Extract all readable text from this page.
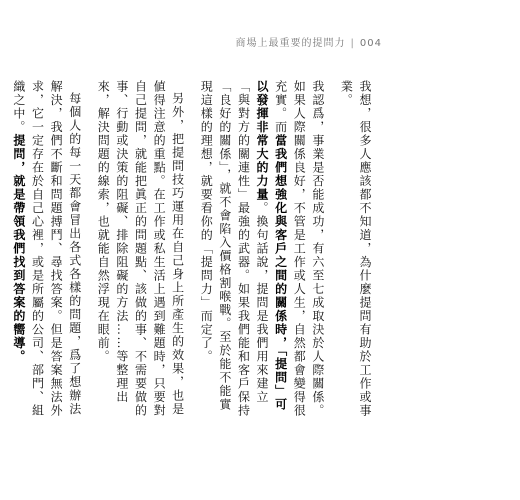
商場上最重要的提問力 | 004

我想，很多人應該都不知道，為什麼提問有助於工作或事業。

我認爲，事業是否能成功，有六至七成取決於人際關係。如果人際關係良好，不管是工作或人生，自然都會變得很充實。而當我們想強化與客戶之間的關係時，「提問」可以發揮非常大的力量。換句話說，提問是我們用來建立「與對方的關連性」最強的武器。如果我們能和客戶保持「良好的關係」，就不會陷入價格割喉戰。至於能不能實現這樣的理想，就要看你的「提問力」而定了。

另外，把提問技巧運用在自己身上所產生的效果，也是値得注意的重點。在工作或私生活上遇到難題時，只要對自己提問，就能把眞正的問題點、該做的事、不需要做的事、行動或決策的阻礙、排除阻礙的方法……等整理出來，解決問題的線索，也就能自然浮現在眼前。

每個人的每一天都會冒出各式各樣的問題，爲了想辦法解決，我們不斷和問題搏鬥、尋找答案。但是答案無法外求，它一定存在於自己心裡，或是所屬的公司、部門、組織之中。提問，就是帶領我們找到答案的嚮導。
